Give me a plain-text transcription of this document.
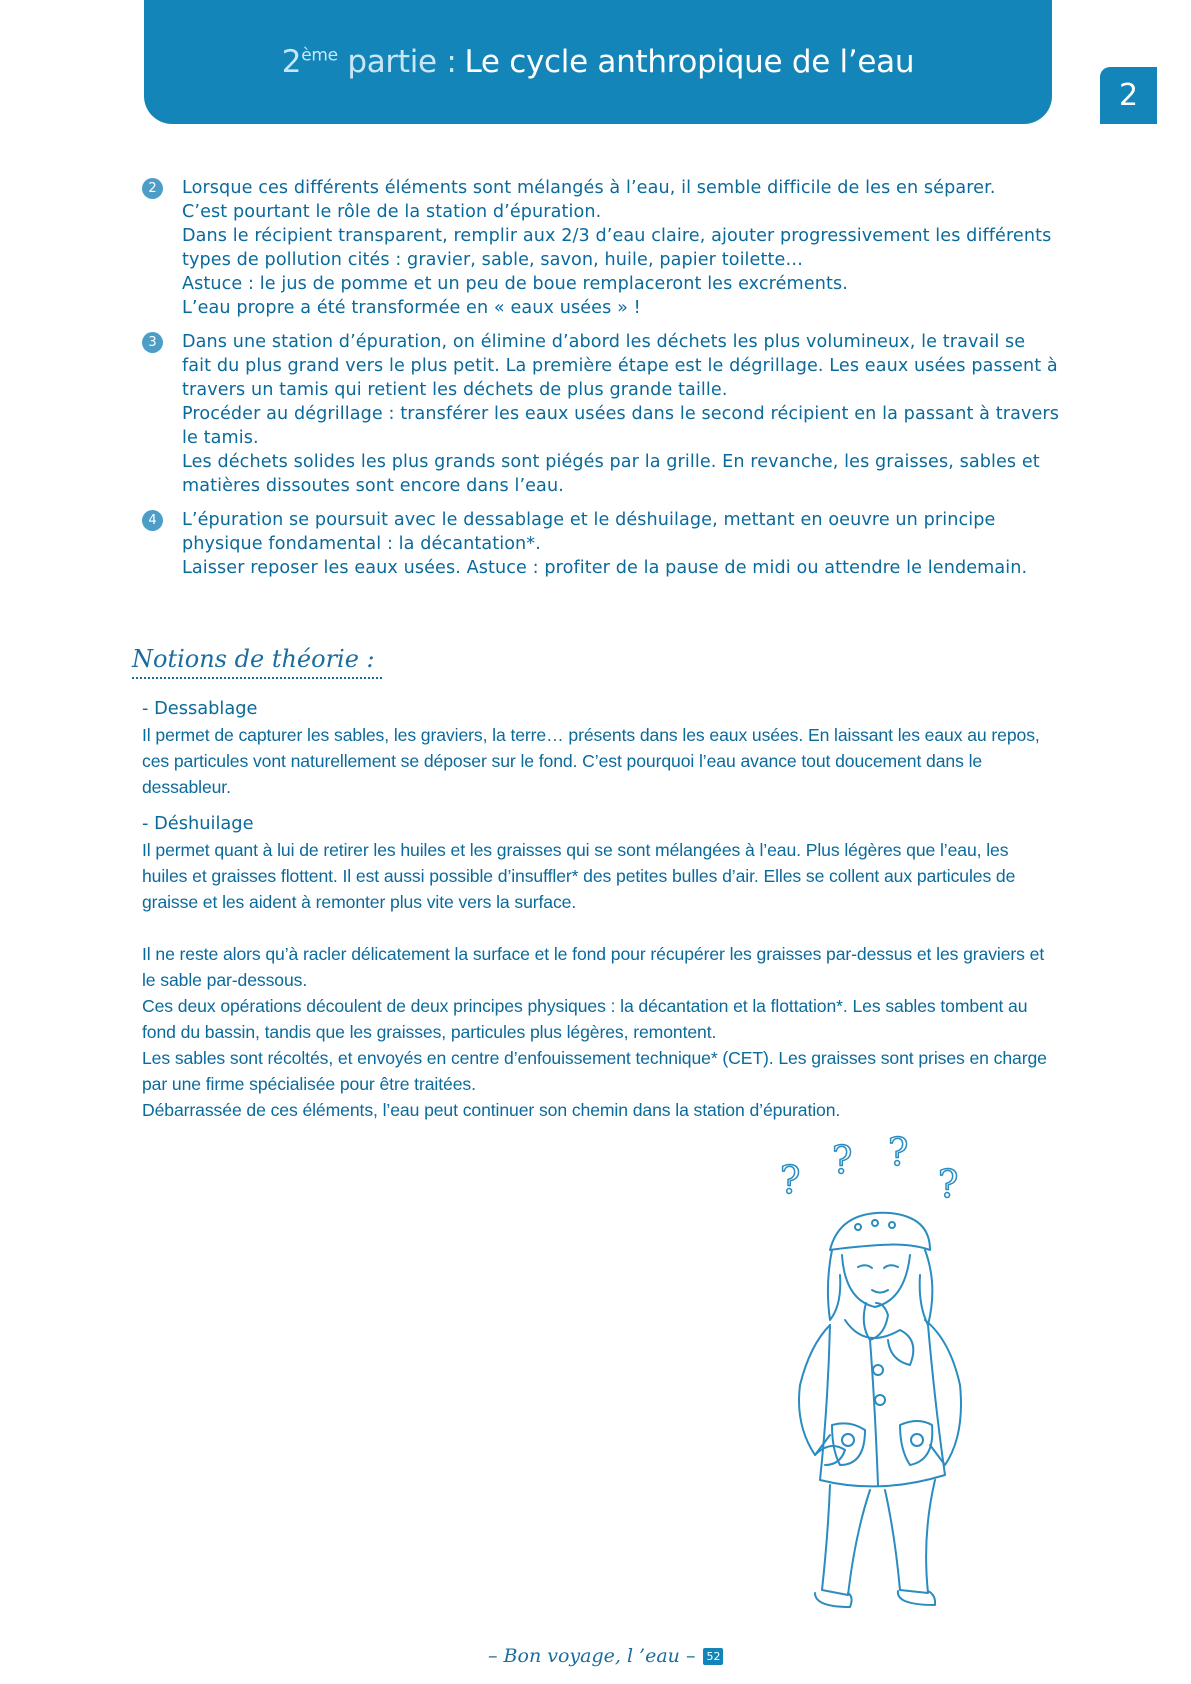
2ème partie : Le cycle anthropique de l’eau
2
2	Lorsque ces différents éléments sont mélangés à l’eau, il semble difficile de les en séparer.

C’est pourtant le rôle de la station d’épuration.

Dans le récipient transparent, remplir aux 2/3 d’eau claire, ajouter progressivement les différents types de pollution cités : gravier, sable, savon, huile, papier toilette…

Astuce : le jus de pomme et un peu de boue remplaceront les excréments.

L’eau propre a été transformée en « eaux usées » !

3	Dans une station d’épuration, on élimine d’abord les déchets les plus volumineux, le travail se fait du plus grand vers le plus petit. La première étape est le dégrillage. Les eaux usées passent à travers un tamis qui retient les déchets de plus grande taille.

Procéder au dégrillage : transférer les eaux usées dans le second récipient en la passant à travers le tamis.

Les déchets solides les plus grands sont piégés par la grille. En revanche, les graisses, sables et matières dissoutes sont encore dans l’eau.

4	L’épuration se poursuit avec le dessablage et le déshuilage, mettant en oeuvre un principe physique fondamental : la décantation*.

Laisser reposer les eaux usées. Astuce : profiter de la pause de midi ou attendre le lendemain.

Notions de théorie :
- Dessablage

Il permet de capturer les sables, les graviers, la terre… présents dans les eaux usées. En laissant les eaux au repos, ces particules vont naturellement se déposer sur le fond. C’est pourquoi l’eau avance tout doucement dans le dessableur.

- Déshuilage

Il permet quant à lui de retirer les huiles et les graisses qui se sont mélangées à l’eau. Plus légères que l’eau, les huiles et graisses flottent. Il est aussi possible d’insuffler* des petites bulles d’air. Elles se collent aux particules de graisse et les aident à remonter plus vite vers la surface.

Il ne reste alors qu’à racler délicatement la surface et le fond pour récupérer les graisses par-dessus et les graviers et le sable par-dessous.

Ces deux opérations découlent de deux principes physiques : la décantation et la flottation*. Les sables tombent au fond du bassin, tandis que les graisses, particules plus légères, remontent.

Les sables sont récoltés, et envoyés en centre d’enfouissement technique* (CET). Les graisses sont prises en charge par une firme spécialisée pour être traitées.

Débarrassée de ces éléments, l’eau peut continuer son chemin dans la station d’épuration.

? ? ?
?
– Bon voyage, l ’eau – 52
